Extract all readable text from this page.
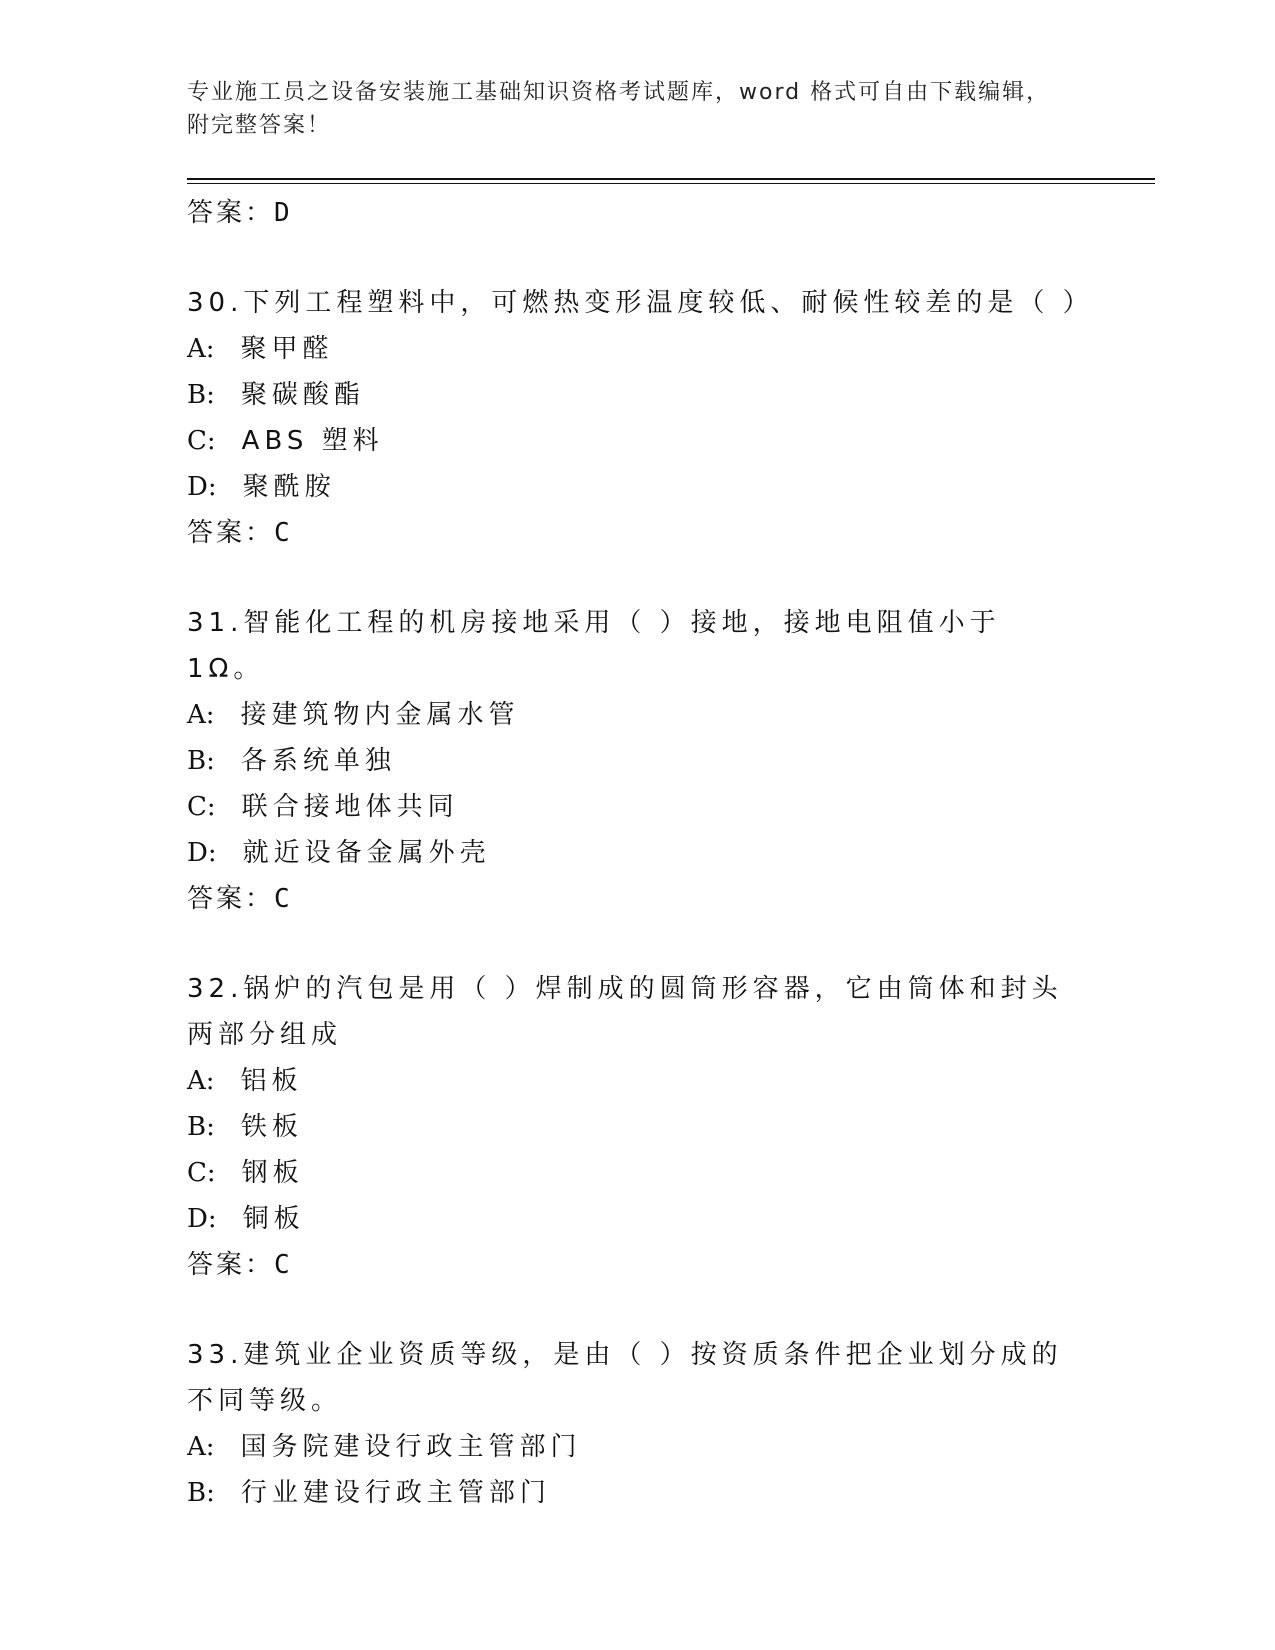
专业施工员之设备安装施工基础知识资格考试题库，word 格式可自由下载编辑，
附完整答案！
答案：D
30.下列工程塑料中，可燃热变形温度较低、耐候性较差的是（ ）
A: 聚甲醛
B: 聚碳酸酯
C: ABS 塑料
D: 聚酰胺
答案：C
31.智能化工程的机房接地采用（ ）接地，接地电阻值小于 1Ω。
A: 接建筑物内金属水管
B: 各系统单独
C: 联合接地体共同
D: 就近设备金属外壳
答案：C
32.锅炉的汽包是用（ ）焊制成的圆筒形容器，它由筒体和封头两部分组成
A: 铝板
B: 铁板
C: 钢板
D: 铜板
答案：C
33.建筑业企业资质等级，是由（ ）按资质条件把企业划分成的不同等级。
A: 国务院建设行政主管部门
B: 行业建设行政主管部门
